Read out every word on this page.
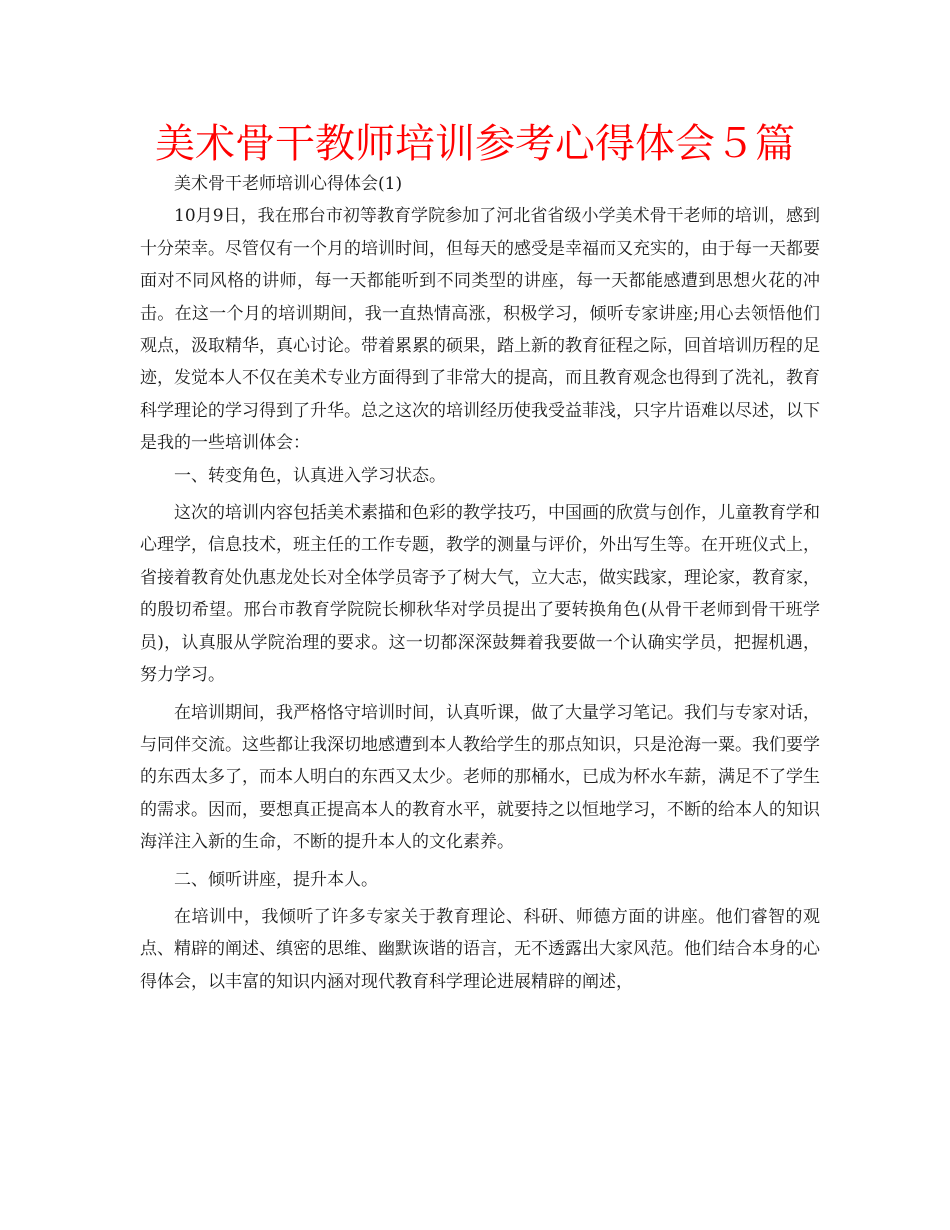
美术骨干教师培训参考心得体会５篇

美术骨干老师培训心得体会(1)

10月9日，我在邢台市初等教育学院参加了河北省省级小学美术骨干老师的培训，感到十分荣幸。尽管仅有一个月的培训时间，但每天的感受是幸福而又充实的，由于每一天都要面对不同风格的讲师，每一天都能听到不同类型的讲座，每一天都能感遭到思想火花的冲击。在这一个月的培训期间，我一直热情高涨，积极学习，倾听专家讲座;用心去领悟他们观点，汲取精华，真心讨论。带着累累的硕果，踏上新的教育征程之际，回首培训历程的足迹，发觉本人不仅在美术专业方面得到了非常大的提高，而且教育观念也得到了洗礼，教育科学理论的学习得到了升华。总之这次的培训经历使我受益菲浅，只字片语难以尽述，以下是我的一些培训体会：

一、转变角色，认真进入学习状态。

这次的培训内容包括美术素描和色彩的教学技巧，中国画的欣赏与创作，儿童教育学和心理学，信息技术，班主任的工作专题，教学的测量与评价，外出写生等。在开班仪式上，省接着教育处仇惠龙处长对全体学员寄予了树大气，立大志，做实践家，理论家，教育家，的殷切希望。邢台市教育学院院长柳秋华对学员提出了要转换角色(从骨干老师到骨干班学员)，认真服从学院治理的要求。这一切都深深鼓舞着我要做一个认确实学员，把握机遇，努力学习。

在培训期间，我严格恪守培训时间，认真听课，做了大量学习笔记。我们与专家对话，与同伴交流。这些都让我深切地感遭到本人教给学生的那点知识，只是沧海一粟。我们要学的东西太多了，而本人明白的东西又太少。老师的那桶水，已成为杯水车薪，满足不了学生的需求。因而，要想真正提高本人的教育水平，就要持之以恒地学习，不断的给本人的知识海洋注入新的生命，不断的提升本人的文化素养。

二、倾听讲座，提升本人。

在培训中，我倾听了许多专家关于教育理论、科研、师德方面的讲座。他们睿智的观点、精辟的阐述、缜密的思维、幽默诙谐的语言，无不透露出大家风范。他们结合本身的心得体会，以丰富的知识内涵对现代教育科学理论进展精辟的阐述，
